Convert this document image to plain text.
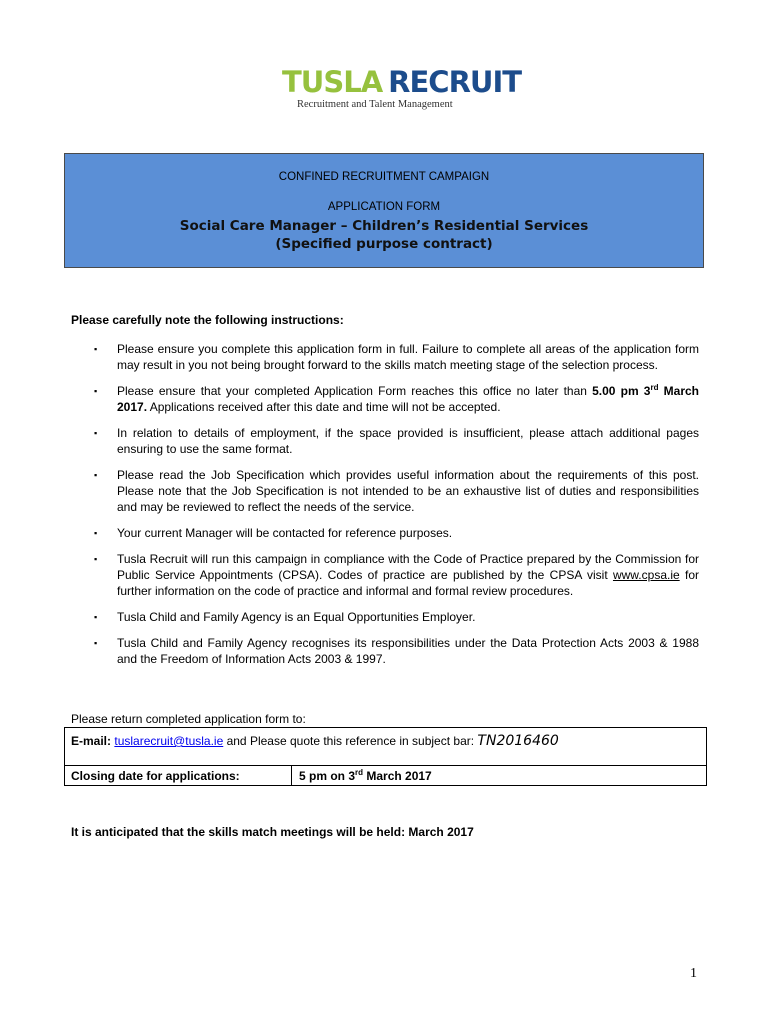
TUSLA RECRUIT
Recruitment and Talent Management
CONFINED RECRUITMENT CAMPAIGN
APPLICATION FORM
Social Care Manager – Children’s Residential Services
(Specified purpose contract)
Please carefully note the following instructions:
▪ Please ensure you complete this application form in full. Failure to complete all areas of the application form may result in you not being brought forward to the skills match meeting stage of the selection process.
▪ Please ensure that your completed Application Form reaches this office no later than 5.00 pm 3rd March 2017. Applications received after this date and time will not be accepted.
▪ In relation to details of employment, if the space provided is insufficient, please attach additional pages ensuring to use the same format.
▪ Please read the Job Specification which provides useful information about the requirements of this post. Please note that the Job Specification is not intended to be an exhaustive list of duties and responsibilities and may be reviewed to reflect the needs of the service.
▪ Your current Manager will be contacted for reference purposes.
▪ Tusla Recruit will run this campaign in compliance with the Code of Practice prepared by the Commission for Public Service Appointments (CPSA). Codes of practice are published by the CPSA visit www.cpsa.ie for further information on the code of practice and informal and formal review procedures.
▪ Tusla Child and Family Agency is an Equal Opportunities Employer.
▪ Tusla Child and Family Agency recognises its responsibilities under the Data Protection Acts 2003 & 1988 and the Freedom of Information Acts 2003 & 1997.
Please return completed application form to:
E-mail: tuslarecruit@tusla.ie and Please quote this reference in subject bar: TN2016460
Closing date for applications:	5 pm on 3rd March 2017
It is anticipated that the skills match meetings will be held: March 2017
1
